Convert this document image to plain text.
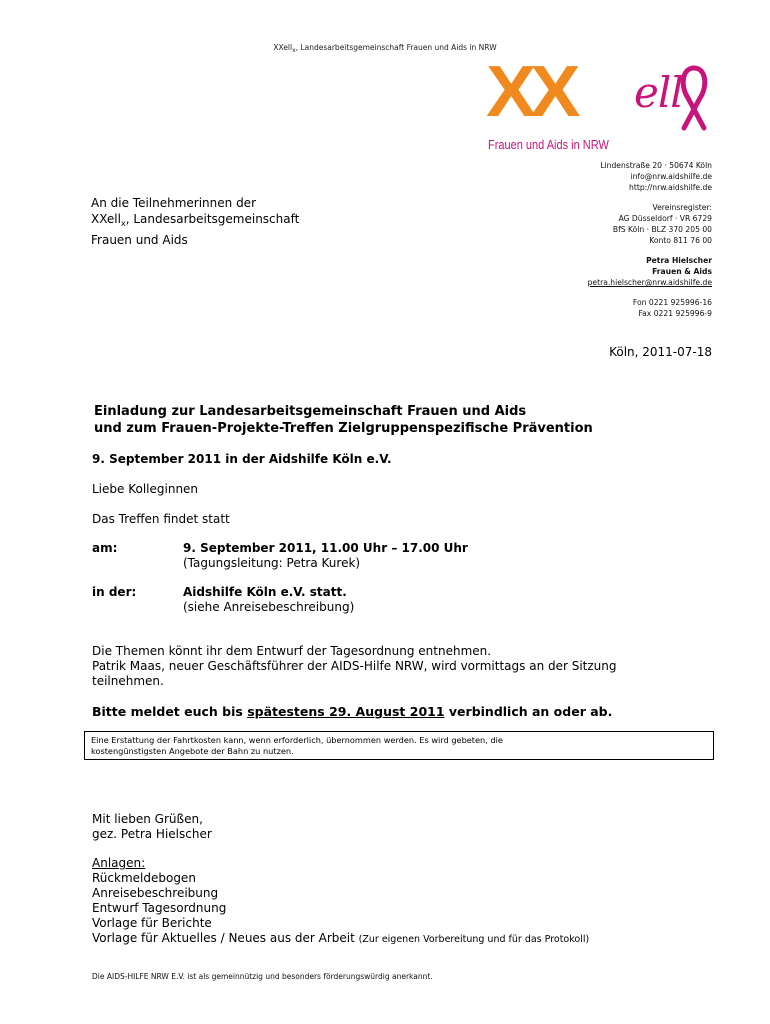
XXell$_x$, Landesarbeitsgemeinschaft Frauen und Aids in NRW
XX ell
Frauen und Aids in NRW
Lindenstraße 20 · 50674 Köln
info@nrw.aidshilfe.de
http://nrw.aidshilfe.de
Vereinsregister:
AG Düsseldorf · VR 6729
BfS Köln · BLZ 370 205 00
Konto 811 76 00
Petra Hielscher
Frauen & Aids
petra.hielscher@nrw.aidshilfe.de
Fon 0221 925996-16
Fax 0221 925996-9
An die Teilnehmerinnen der
XXell$_x$, Landesarbeitsgemeinschaft
Frauen und Aids
Köln, 2011-07-18
Einladung zur Landesarbeitsgemeinschaft Frauen und Aids
und zum Frauen-Projekte-Treffen Zielgruppenspezifische Prävention
9. September 2011 in der Aidshilfe Köln e.V.
Liebe Kolleginnen
Das Treffen findet statt
am:	9. September 2011, 11.00 Uhr – 17.00 Uhr
(Tagungsleitung: Petra Kurek)
in der:	Aidshilfe Köln e.V. statt.
(siehe Anreisebeschreibung)
Die Themen könnt ihr dem Entwurf der Tagesordnung entnehmen.
Patrik Maas, neuer Geschäftsführer der AIDS-Hilfe NRW, wird vormittags an der Sitzung
teilnehmen.
Bitte meldet euch bis spätestens 29. August 2011 verbindlich an oder ab.
Eine Erstattung der Fahrtkosten kann, wenn erforderlich, übernommen werden. Es wird gebeten, die
kostengünstigsten Angebote der Bahn zu nutzen.
Mit lieben Grüßen,
gez. Petra Hielscher
Anlagen:
Rückmeldebogen
Anreisebeschreibung
Entwurf Tagesordnung
Vorlage für Berichte
Vorlage für Aktuelles / Neues aus der Arbeit (Zur eigenen Vorbereitung und für das Protokoll)
Die AIDS-HILFE NRW E.V. ist als gemeinnützig und besonders förderungswürdig anerkannt.
